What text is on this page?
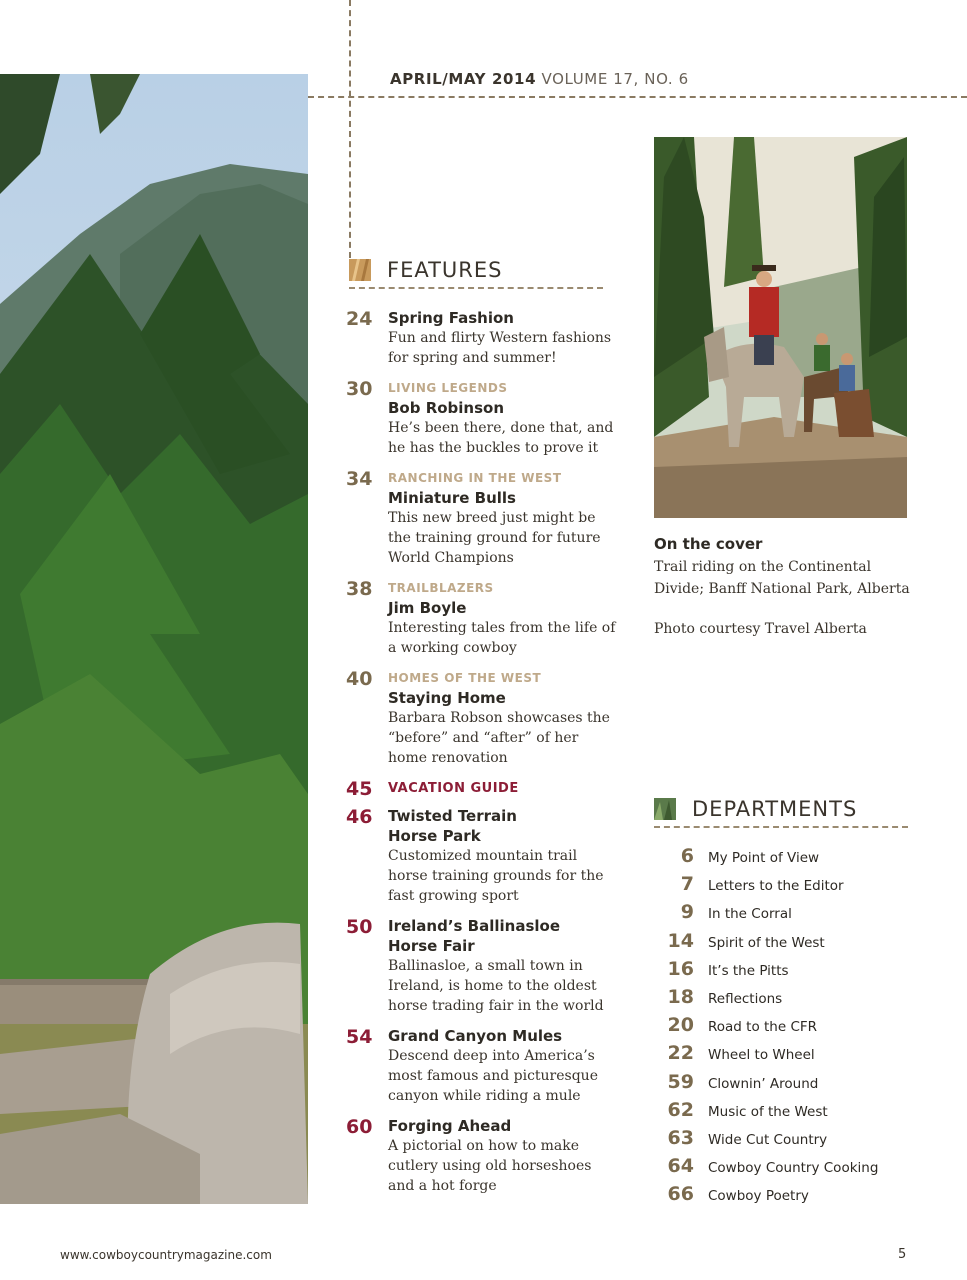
APRIL/MAY 2014 VOLUME 17, NO. 6
FEATURES
24	Spring Fashion
Fun and flirty Western fashions for spring and summer!
30	LIVING LEGENDS
Bob Robinson
He’s been there, done that, and he has the buckles to prove it
34	RANCHING IN THE WEST
Miniature Bulls
This new breed just might be the training ground for future World Champions
38	TRAILBLAZERS
Jim Boyle
Interesting tales from the life of a working cowboy
40	HOMES OF THE WEST
Staying Home
Barbara Robson showcases the “before” and “after” of her home renovation
45	VACATION GUIDE
46	Twisted Terrain Horse Park
Customized mountain trail horse training grounds for the fast growing sport
50	Ireland’s Ballinasloe Horse Fair
Ballinasloe, a small town in Ireland, is home to the oldest horse trading fair in the world
54	Grand Canyon Mules
Descend deep into America’s most famous and picturesque canyon while riding a mule
60	Forging Ahead
A pictorial on how to make cutlery using old horseshoes and a hot forge
On the cover
Trail riding on the Continental Divide; Banff National Park, Alberta
Photo courtesy Travel Alberta
DEPARTMENTS
6 My Point of View
7 Letters to the Editor
9 In the Corral
14 Spirit of the West
16 It’s the Pitts
18 Reflections
20 Road to the CFR
22 Wheel to Wheel
59 Clownin’ Around
62 Music of the West
63 Wide Cut Country
64 Cowboy Country Cooking
66 Cowboy Poetry
www.cowboycountrymagazine.com	5
